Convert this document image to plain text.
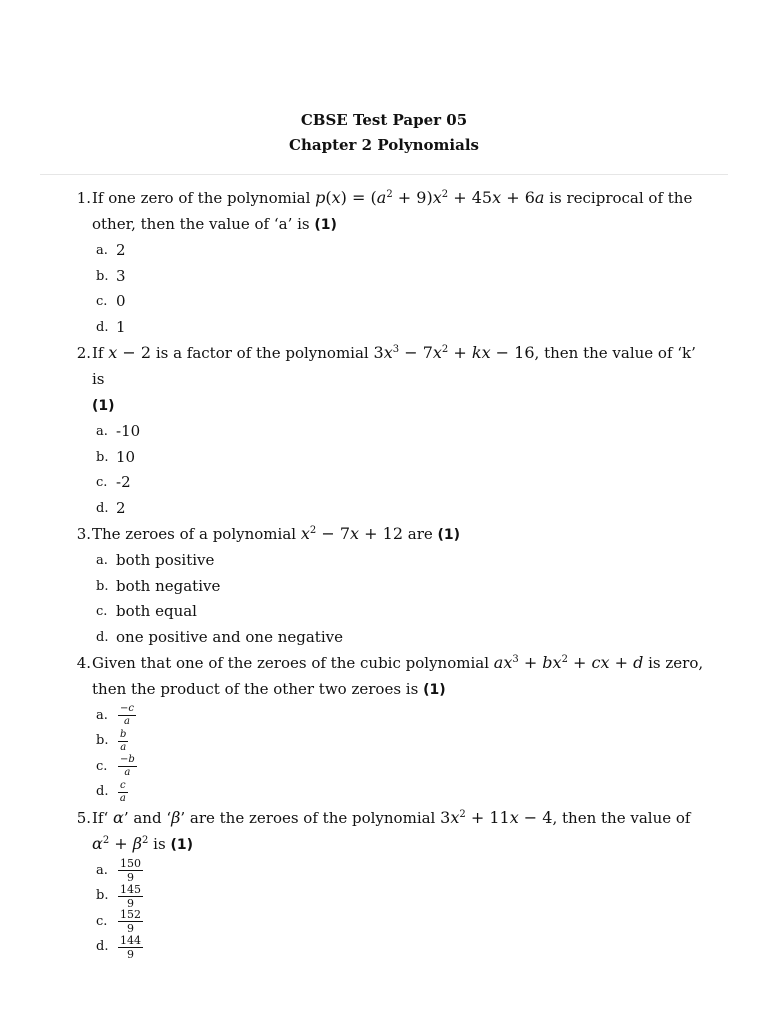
CBSE Test Paper 05
Chapter 2 Polynomials
1. If one zero of the polynomial $p(x) = (a^2 + 9)x^2 + 45x + 6a$ is reciprocal of the other, then the value of ‘a’ is (1)
a. 2
b. 3
c. 0
d. 1
2. If x − 2 is a factor of the polynomial $3x^3 - 7x^2$ + kx − 16, then the value of ‘k’ is
(1)
a. -10
b. 10
c. -2
d. 2
3. The zeroes of a polynomial $x^2 - 7x + 12$ are (1)
a. both positive
b. both negative
c. both equal
d. one positive and one negative
4. Given that one of the zeroes of the cubic polynomial $ax^3 + bx^2$ + cx + d is zero, then the product of the other two zeroes is (1)
a.	$\frac{-c}{a}$
b. $\frac{b}{a}$
c.	$\frac{-b}{a}$
d. $\frac{c}{a}$
5. If‘ α’ and ‘β’ are the zeroes of the polynomial $3x^2 + 11x - 4$, then the value of
$\alpha^2 + \beta^2$ is (1)
a. $\frac{150}{9}$
b. $\frac{145}{9}$
c. $\frac{152}{9}$
d. $\frac{144}{9}$
